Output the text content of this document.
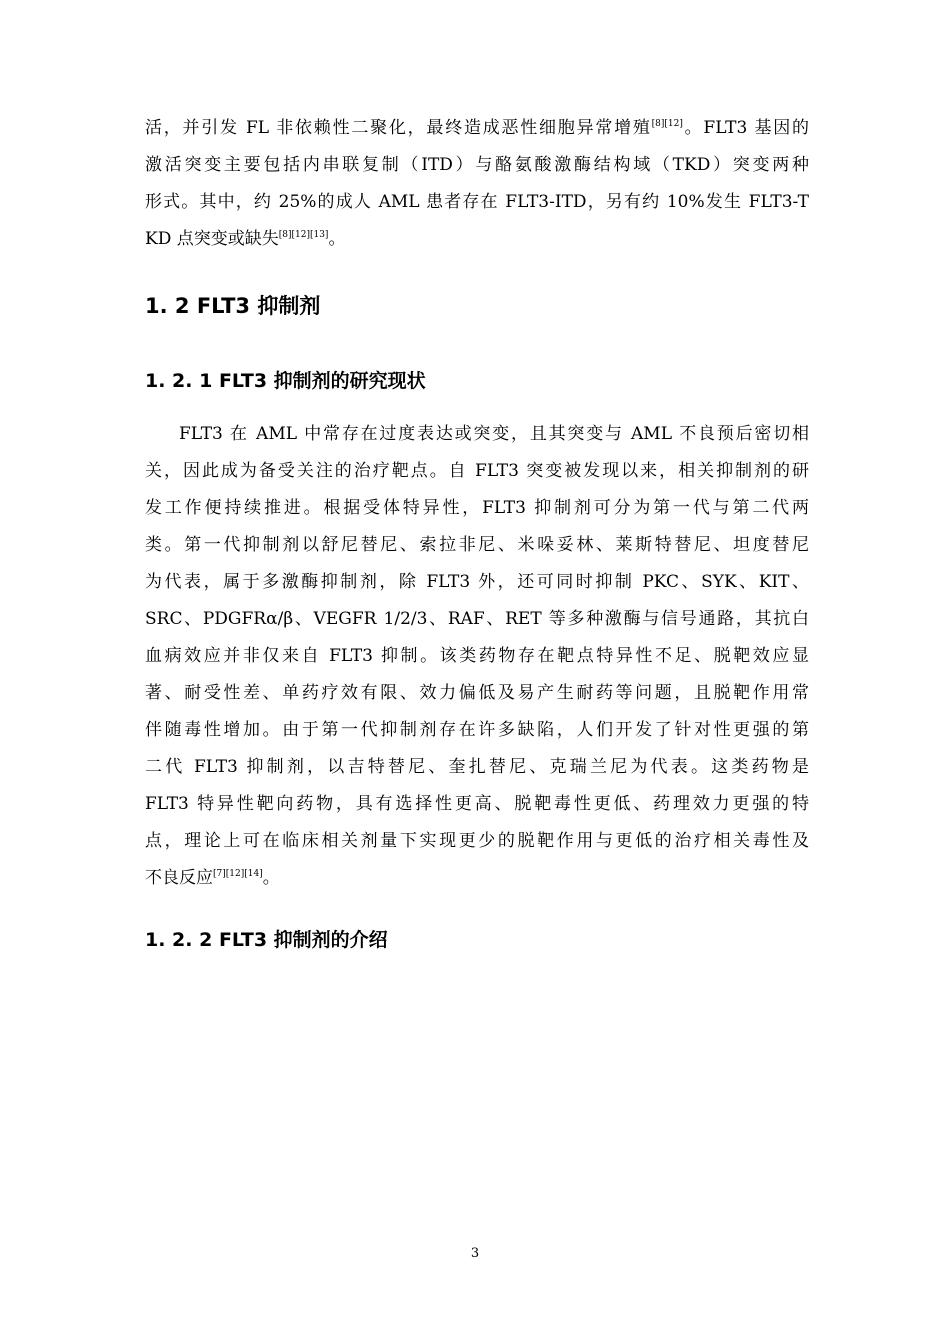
活，并引发 FL 非依赖性二聚化，最终造成恶性细胞异常增殖[8][12]。FLT3 基因的
激活突变主要包括内串联复制（ITD）与酪氨酸激酶结构域（TKD）突变两种
形式。其中，约 25%的成人 AML 患者存在 FLT3-ITD，另有约 10%发生 FLT3-T
KD 点突变或缺失[8][12][13]。
1. 2 FLT3 抑制剂
1. 2. 1 FLT3 抑制剂的研究现状
FLT3 在 AML 中常存在过度表达或突变，且其突变与 AML 不良预后密切相
关，因此成为备受关注的治疗靶点。自 FLT3 突变被发现以来，相关抑制剂的研
发工作便持续推进。根据受体特异性，FLT3 抑制剂可分为第一代与第二代两
类。第一代抑制剂以舒尼替尼、索拉非尼、米哚妥林、莱斯特替尼、坦度替尼
为代表，属于多激酶抑制剂，除 FLT3 外，还可同时抑制 PKC、SYK、KIT、
SRC、PDGFRα/β、VEGFR 1/2/3、RAF、RET 等多种激酶与信号通路，其抗白
血病效应并非仅来自 FLT3 抑制。该类药物存在靶点特异性不足、脱靶效应显
著、耐受性差、单药疗效有限、效力偏低及易产生耐药等问题，且脱靶作用常
伴随毒性增加。由于第一代抑制剂存在许多缺陷，人们开发了针对性更强的第
二代 FLT3 抑制剂，以吉特替尼、奎扎替尼、克瑞兰尼为代表。这类药物是
FLT3 特异性靶向药物，具有选择性更高、脱靶毒性更低、药理效力更强的特
点，理论上可在临床相关剂量下实现更少的脱靶作用与更低的治疗相关毒性及
不良反应[7][12][14]。
1. 2. 2 FLT3 抑制剂的介绍
3
